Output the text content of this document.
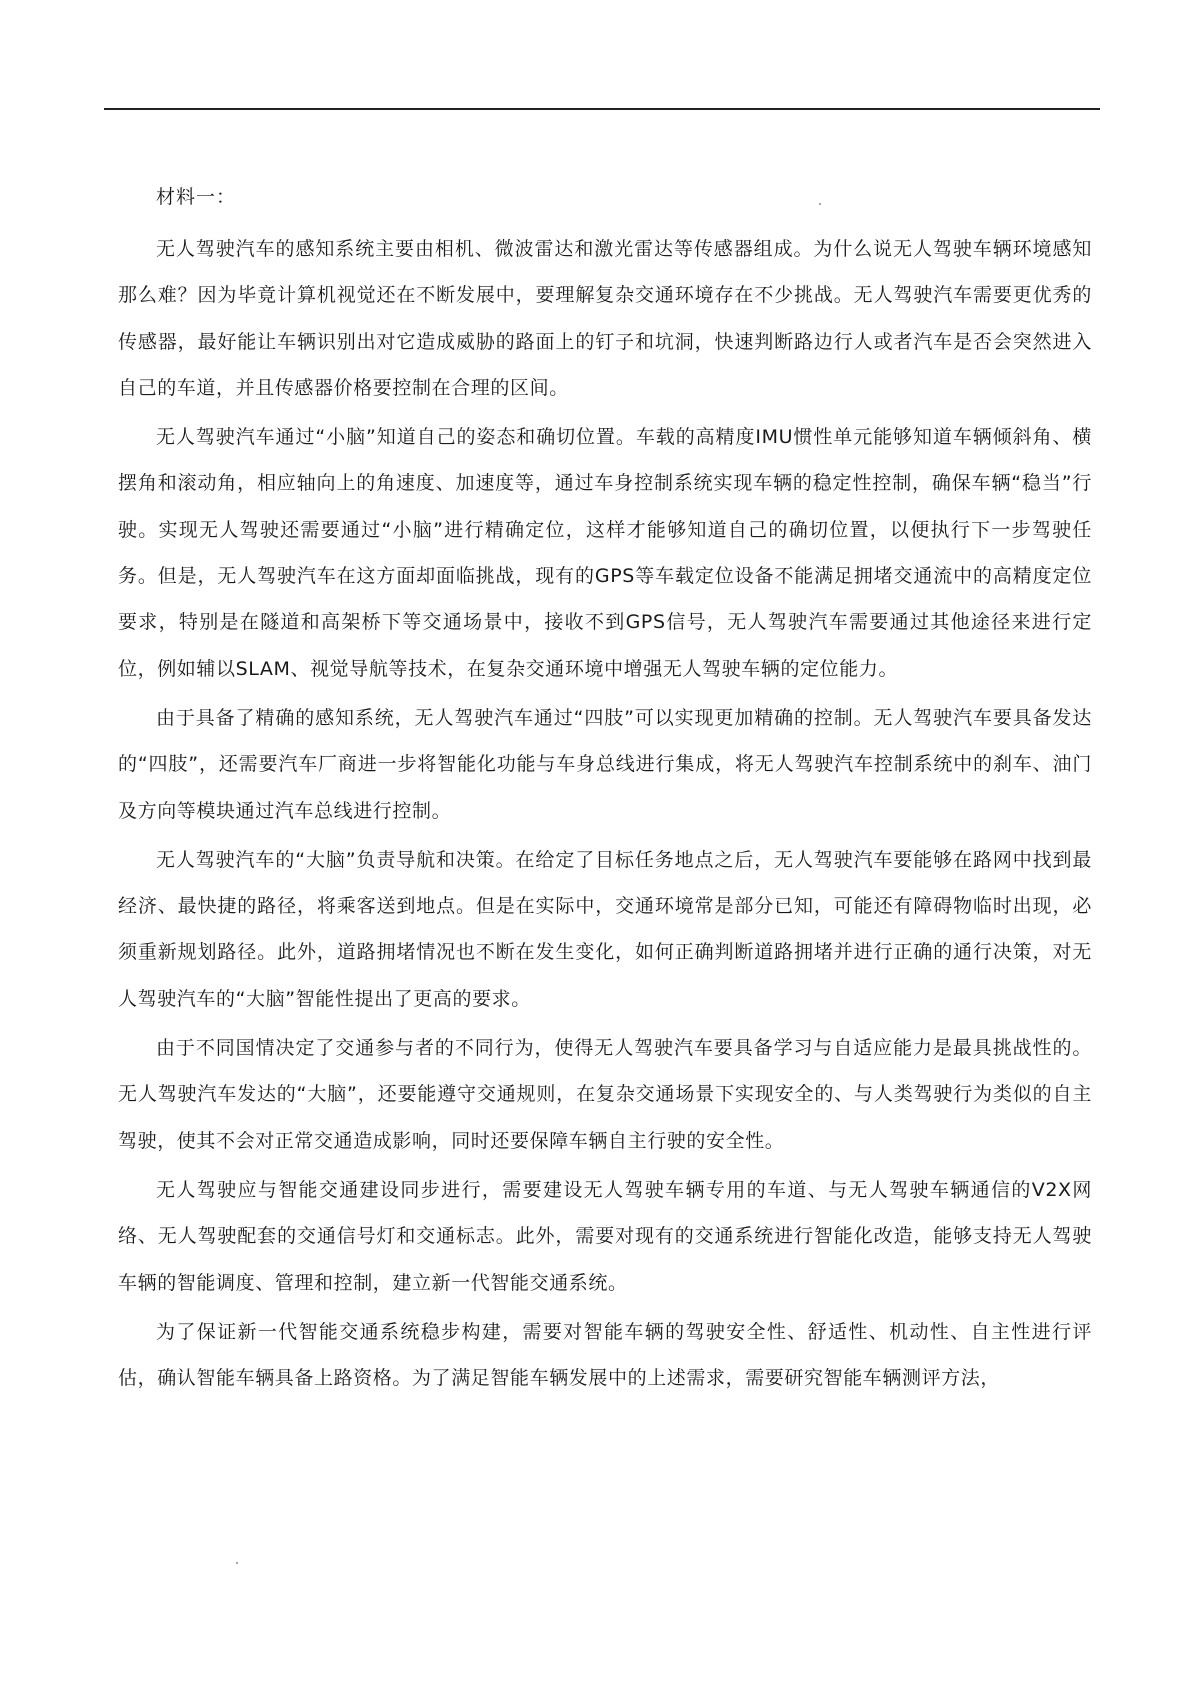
材料一：

无人驾驶汽车的感知系统主要由相机、微波雷达和激光雷达等传感器组成。为什么说无人驾驶车辆环境感知那么难？因为毕竟计算机视觉还在不断发展中，要理解复杂交通环境存在不少挑战。无人驾驶汽车需要更优秀的传感器，最好能让车辆识别出对它造成威胁的路面上的钉子和坑洞，快速判断路边行人或者汽车是否会突然进入自己的车道，并且传感器价格要控制在合理的区间。

无人驾驶汽车通过“小脑”知道自己的姿态和确切位置。车载的高精度IMU惯性单元能够知道车辆倾斜角、横摆角和滚动角，相应轴向上的角速度、加速度等，通过车身控制系统实现车辆的稳定性控制，确保车辆“稳当”行驶。实现无人驾驶还需要通过“小脑”进行精确定位，这样才能够知道自己的确切位置，以便执行下一步驾驶任务。但是，无人驾驶汽车在这方面却面临挑战，现有的GPS等车载定位设备不能满足拥堵交通流中的高精度定位要求，特别是在隧道和高架桥下等交通场景中，接收不到GPS信号，无人驾驶汽车需要通过其他途径来进行定位，例如辅以SLAM、视觉导航等技术，在复杂交通环境中增强无人驾驶车辆的定位能力。

由于具备了精确的感知系统，无人驾驶汽车通过“四肢”可以实现更加精确的控制。无人驾驶汽车要具备发达的“四肢”，还需要汽车厂商进一步将智能化功能与车身总线进行集成，将无人驾驶汽车控制系统中的刹车、油门及方向等模块通过汽车总线进行控制。

无人驾驶汽车的“大脑”负责导航和决策。在给定了目标任务地点之后，无人驾驶汽车要能够在路网中找到最经济、最快捷的路径，将乘客送到地点。但是在实际中，交通环境常是部分已知，可能还有障碍物临时出现，必须重新规划路径。此外，道路拥堵情况也不断在发生变化，如何正确判断道路拥堵并进行正确的通行决策，对无人驾驶汽车的“大脑”智能性提出了更高的要求。

由于不同国情决定了交通参与者的不同行为，使得无人驾驶汽车要具备学习与自适应能力是最具挑战性的。无人驾驶汽车发达的“大脑”，还要能遵守交通规则，在复杂交通场景下实现安全的、与人类驾驶行为类似的自主驾驶，使其不会对正常交通造成影响，同时还要保障车辆自主行驶的安全性。

无人驾驶应与智能交通建设同步进行，需要建设无人驾驶车辆专用的车道、与无人驾驶车辆通信的V2X网络、无人驾驶配套的交通信号灯和交通标志。此外，需要对现有的交通系统进行智能化改造，能够支持无人驾驶车辆的智能调度、管理和控制，建立新一代智能交通系统。

为了保证新一代智能交通系统稳步构建，需要对智能车辆的驾驶安全性、舒适性、机动性、自主性进行评估，确认智能车辆具备上路资格。为了满足智能车辆发展中的上述需求，需要研究智能车辆测评方法，
